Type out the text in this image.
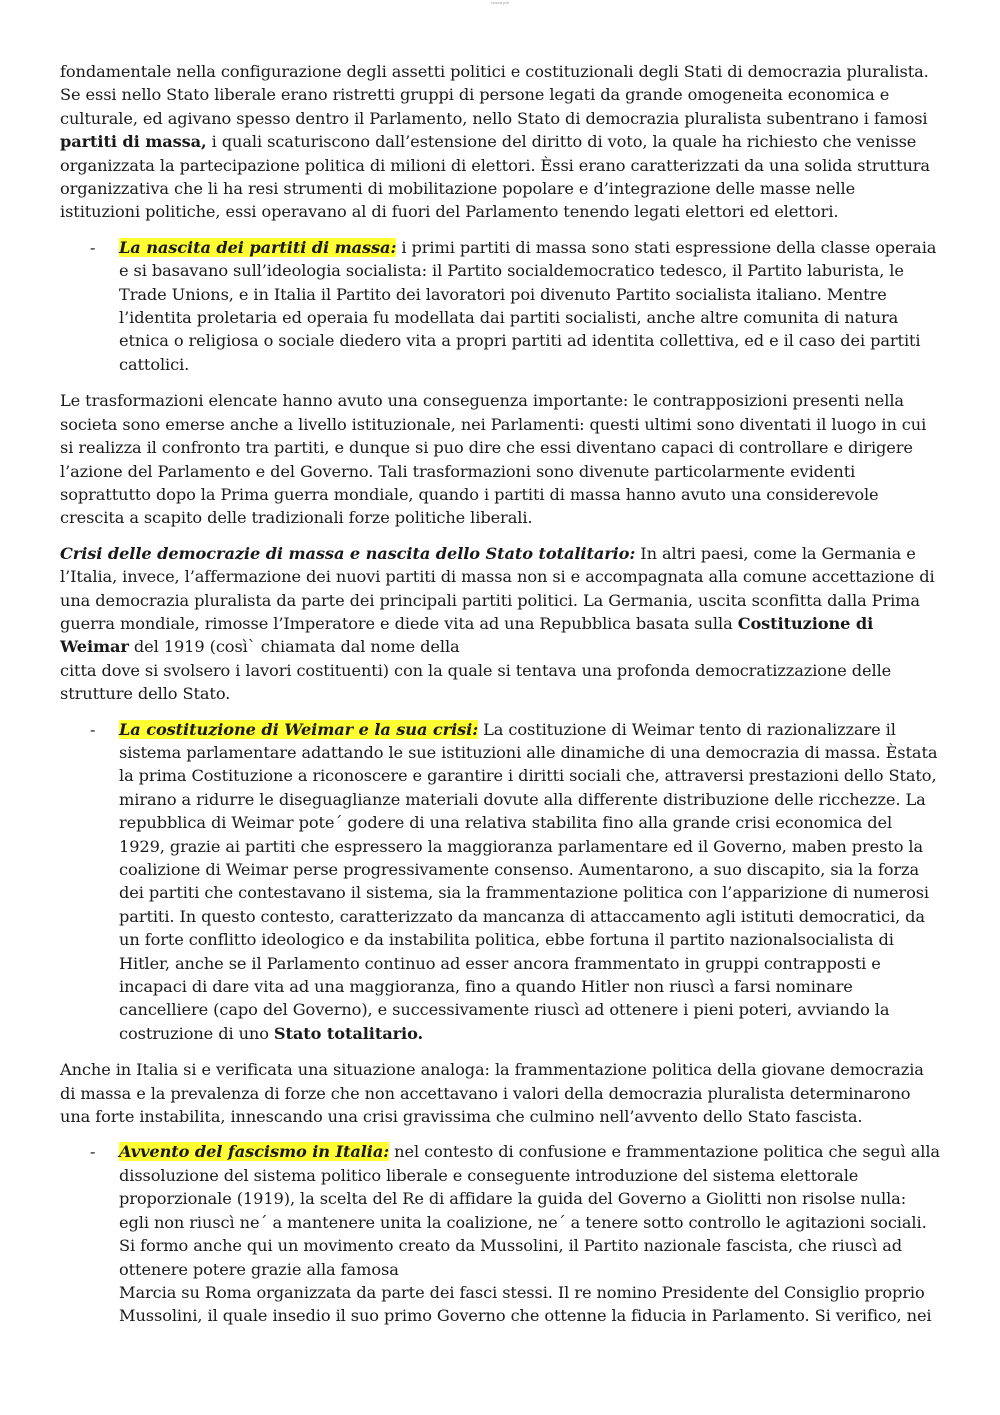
bozza pdf

fondamentale nella configurazione degli assetti politici e costituzionali degli Stati di democrazia pluralista. Se essi nello Stato liberale erano ristretti gruppi di persone legati da grande omogeneita economica e culturale, ed agivano spesso dentro il Parlamento, nello Stato di democrazia pluralista subentrano i famosi partiti di massa, i quali scaturiscono dall’estensione del diritto di voto, la quale ha richiesto che venisse organizzata la partecipazione politica di milioni di elettori. Èssi erano caratterizzati da una solida struttura organizzativa che li ha resi strumenti di mobilitazione popolare e d’integrazione delle masse nelle istituzioni politiche, essi operavano al di fuori del Parlamento tenendo legati elettori ed elettori.

- La nascita dei partiti di massa: i primi partiti di massa sono stati espressione della classe operaia e si basavano sull’ideologia socialista: il Partito socialdemocratico tedesco, il Partito laburista, le Trade Unions, e in Italia il Partito dei lavoratori poi divenuto Partito socialista italiano. Mentre l’identita proletaria ed operaia fu modellata dai partiti socialisti, anche altre comunita di natura etnica o religiosa o sociale diedero vita a propri partiti ad identita collettiva, ed e il caso dei partiti cattolici.

Le trasformazioni elencate hanno avuto una conseguenza importante: le contrapposizioni presenti nella societa sono emerse anche a livello istituzionale, nei Parlamenti: questi ultimi sono diventati il luogo in cui si realizza il confronto tra partiti, e dunque si puo dire che essi diventano capaci di controllare e dirigere l’azione del Parlamento e del Governo. Tali trasformazioni sono divenute particolarmente evidenti soprattutto dopo la Prima guerra mondiale, quando i partiti di massa hanno avuto una considerevole crescita a scapito delle tradizionali forze politiche liberali.

Crisi delle democrazie di massa e nascita dello Stato totalitario: In altri paesi, come la Germania e l’Italia, invece, l’affermazione dei nuovi partiti di massa non si e accompagnata alla comune accettazione di una democrazia pluralista da parte dei principali partiti politici. La Germania, uscita sconfitta dalla Prima guerra mondiale, rimosse l’Imperatore e diede vita ad una Repubblica basata sulla Costituzione di Weimar del 1919 (così` chiamata dal nome della
citta dove si svolsero i lavori costituenti) con la quale si tentava una profonda democratizzazione delle strutture dello Stato.

- La costituzione di Weimar e la sua crisi: La costituzione di Weimar tento di razionalizzare il sistema parlamentare adattando le sue istituzioni alle dinamiche di una democrazia di massa. Èstata la prima Costituzione a riconoscere e garantire i diritti sociali che, attraversi prestazioni dello Stato, mirano a ridurre le diseguaglianze materiali dovute alla differente distribuzione delle ricchezze. La repubblica di Weimar pote´ godere di una relativa stabilita fino alla grande crisi economica del 1929, grazie ai partiti che espressero la maggioranza parlamentare ed il Governo, maben presto la coalizione di Weimar perse progressivamente consenso. Aumentarono, a suo discapito, sia la forza dei partiti che contestavano il sistema, sia la frammentazione politica con l’apparizione di numerosi partiti. In questo contesto, caratterizzato da mancanza di attaccamento agli istituti democratici, da un forte conflitto ideologico e da instabilita politica, ebbe fortuna il partito nazionalsocialista di Hitler, anche se il Parlamento continuo ad esser ancora frammentato in gruppi contrapposti e incapaci di dare vita ad una maggioranza, fino a quando Hitler non riuscì a farsi nominare cancelliere (capo del Governo), e successivamente riuscì ad ottenere i pieni poteri, avviando la costruzione di uno Stato totalitario.

Anche in Italia si e verificata una situazione analoga: la frammentazione politica della giovane democrazia di massa e la prevalenza di forze che non accettavano i valori della democrazia pluralista determinarono una forte instabilita, innescando una crisi gravissima che culmino nell’avvento dello Stato fascista.

- Avvento del fascismo in Italia: nel contesto di confusione e frammentazione politica che seguì alla dissoluzione del sistema politico liberale e conseguente introduzione del sistema elettorale proporzionale (1919), la scelta del Re di affidare la guida del Governo a Giolitti non risolse nulla: egli non riuscì ne´ a mantenere unita la coalizione, ne´ a tenere sotto controllo le agitazioni sociali. Si formo anche qui un movimento creato da Mussolini, il Partito nazionale fascista, che riuscì ad ottenere potere grazie alla famosa
Marcia su Roma organizzata da parte dei fasci stessi. Il re nomino Presidente del Consiglio proprio Mussolini, il quale insedio il suo primo Governo che ottenne la fiducia in Parlamento. Si verifico, nei
